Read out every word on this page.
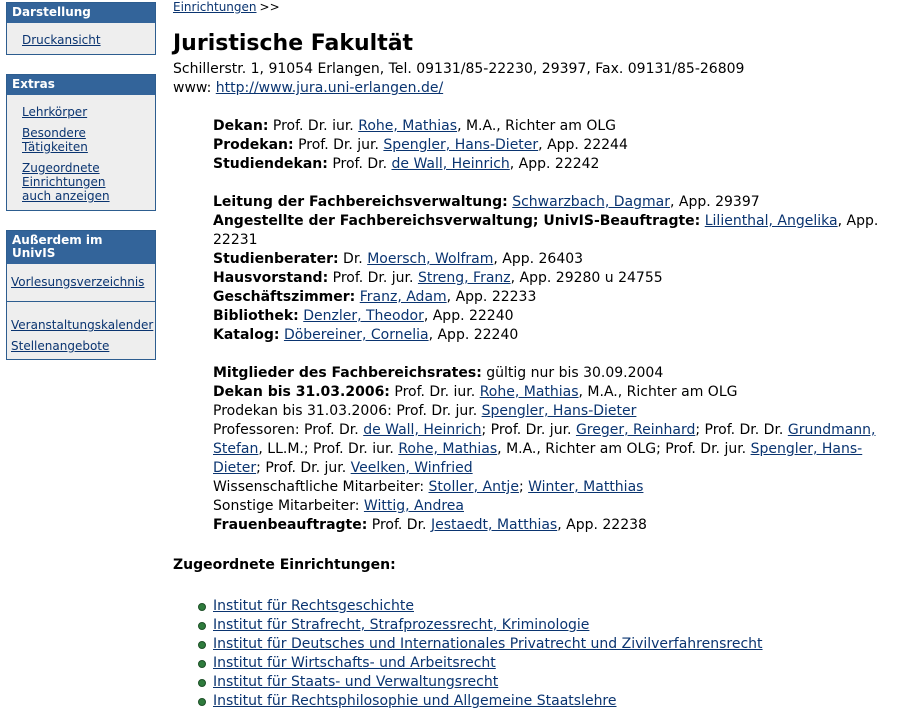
Darstellung
Druckansicht
Extras
Lehrkörper
Besondere Tätigkeiten
Zugeordnete Einrichtungen auch anzeigen
Außerdem im UnivIS
Vorlesungsverzeichnis
Veranstaltungskalender
Stellenangebote
Einrichtungen >>
Juristische Fakultät
Schillerstr. 1, 91054 Erlangen, Tel. 09131/85-22230, 29397, Fax. 09131/85-26809
www: http://www.jura.uni-erlangen.de/
Dekan: Prof. Dr. iur. Rohe, Mathias, M.A., Richter am OLG
Prodekan: Prof. Dr. jur. Spengler, Hans-Dieter, App. 22244
Studiendekan: Prof. Dr. de Wall, Heinrich, App. 22242
Leitung der Fachbereichsverwaltung: Schwarzbach, Dagmar, App. 29397
Angestellte der Fachbereichsverwaltung; UnivIS-Beauftragte: Lilienthal, Angelika, App. 22231
Studienberater: Dr. Moersch, Wolfram, App. 26403
Hausvorstand: Prof. Dr. jur. Streng, Franz, App. 29280 u 24755
Geschäftszimmer: Franz, Adam, App. 22233
Bibliothek: Denzler, Theodor, App. 22240
Katalog: Döbereiner, Cornelia, App. 22240
Mitglieder des Fachbereichsrates: gültig nur bis 30.09.2004
Dekan bis 31.03.2006: Prof. Dr. iur. Rohe, Mathias, M.A., Richter am OLG
Prodekan bis 31.03.2006: Prof. Dr. jur. Spengler, Hans-Dieter
Professoren: Prof. Dr. de Wall, Heinrich; Prof. Dr. jur. Greger, Reinhard; Prof. Dr. Dr. Grundmann, Stefan, LL.M.; Prof. Dr. iur. Rohe, Mathias, M.A., Richter am OLG; Prof. Dr. jur. Spengler, Hans-Dieter; Prof. Dr. jur. Veelken, Winfried
Wissenschaftliche Mitarbeiter: Stoller, Antje; Winter, Matthias
Sonstige Mitarbeiter: Wittig, Andrea
Frauenbeauftragte: Prof. Dr. Jestaedt, Matthias, App. 22238
Zugeordnete Einrichtungen:
Institut für Rechtsgeschichte
Institut für Strafrecht, Strafprozessrecht, Kriminologie
Institut für Deutsches und Internationales Privatrecht und Zivilverfahrensrecht
Institut für Wirtschafts- und Arbeitsrecht
Institut für Staats- und Verwaltungsrecht
Institut für Rechtsphilosophie und Allgemeine Staatslehre
